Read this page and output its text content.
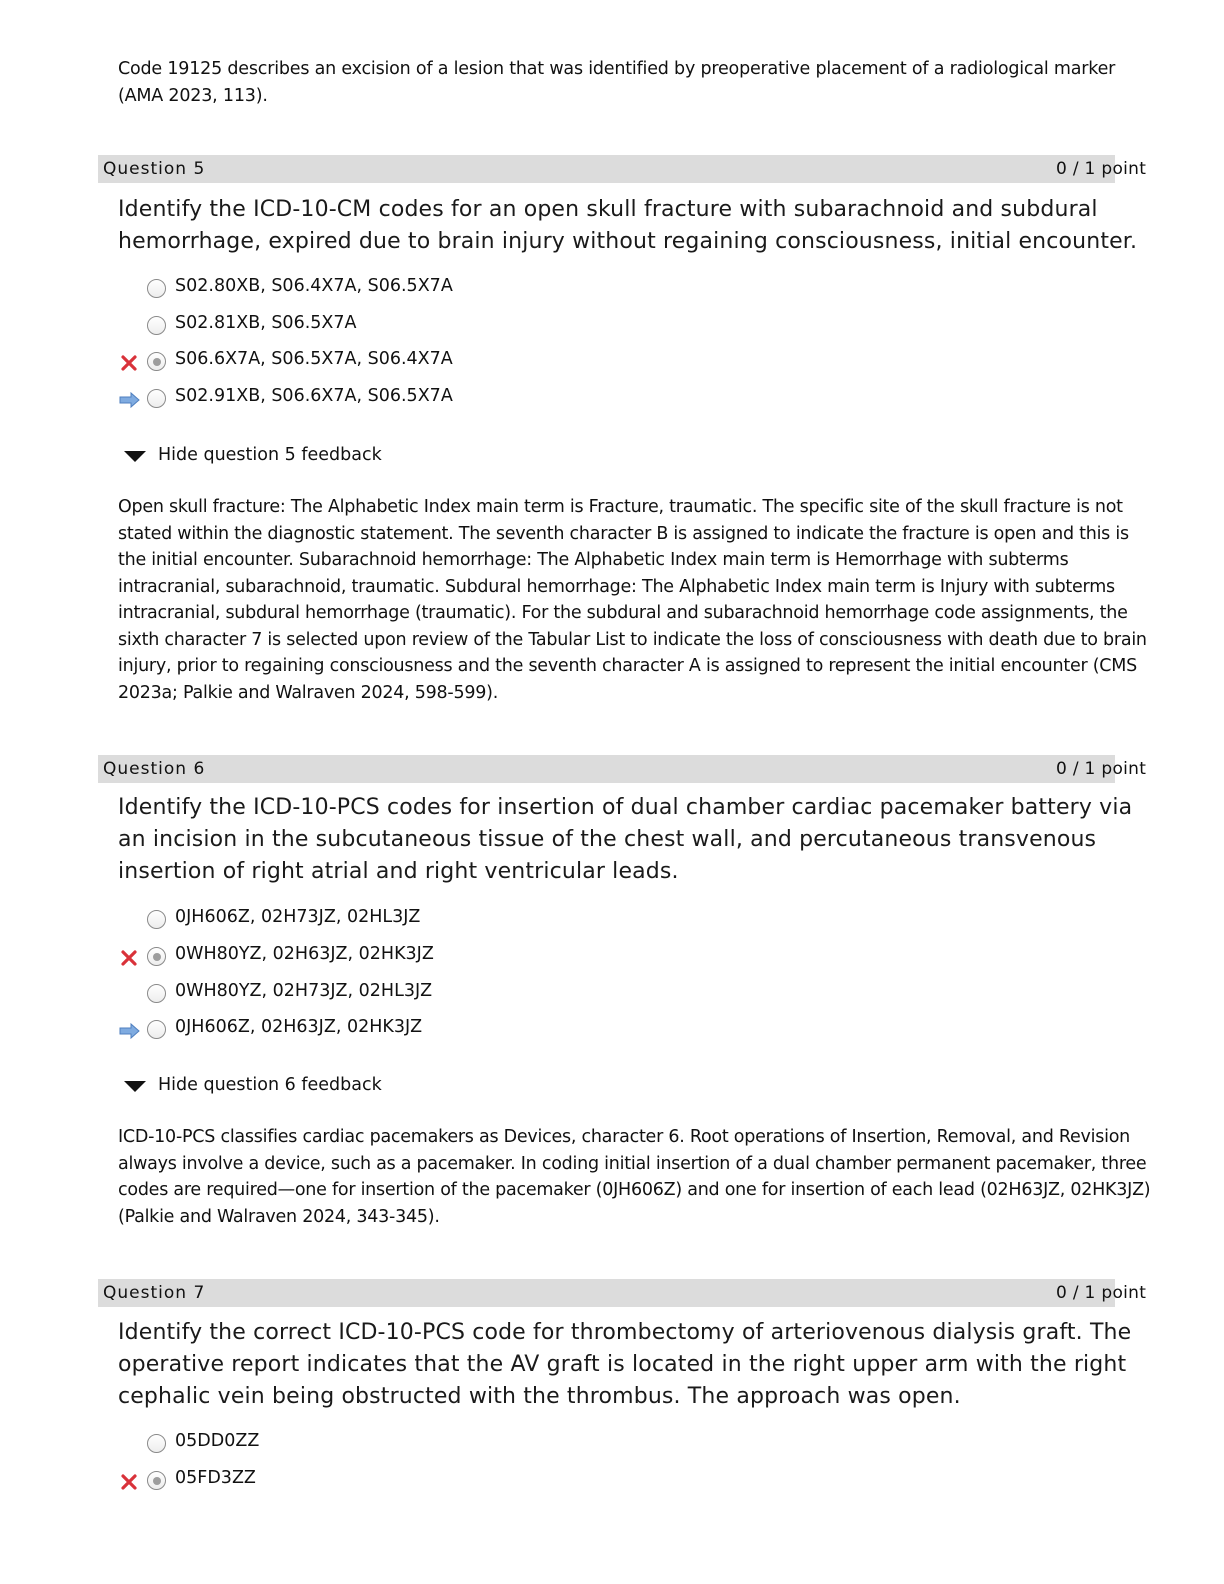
Code 19125 describes an excision of a lesion that was identified by preoperative placement of a radiological marker (AMA 2023, 113).
Question 5	0 / 1 point
Identify the ICD-10-CM codes for an open skull fracture with subarachnoid and subdural hemorrhage, expired due to brain injury without regaining consciousness, initial encounter.
S02.80XB, S06.4X7A, S06.5X7A
S02.81XB, S06.5X7A
S06.6X7A, S06.5X7A, S06.4X7A
S02.91XB, S06.6X7A, S06.5X7A
Hide question 5 feedback
Open skull fracture: The Alphabetic Index main term is Fracture, traumatic. The specific site of the skull fracture is not stated within the diagnostic statement. The seventh character B is assigned to indicate the fracture is open and this is the initial encounter. Subarachnoid hemorrhage: The Alphabetic Index main term is Hemorrhage with subterms intracranial, subarachnoid, traumatic. Subdural hemorrhage: The Alphabetic Index main term is Injury with subterms intracranial, subdural hemorrhage (traumatic). For the subdural and subarachnoid hemorrhage code assignments, the sixth character 7 is selected upon review of the Tabular List to indicate the loss of consciousness with death due to brain injury, prior to regaining consciousness and the seventh character A is assigned to represent the initial encounter (CMS 2023a; Palkie and Walraven 2024, 598-599).
Question 6	0 / 1 point
Identify the ICD-10-PCS codes for insertion of dual chamber cardiac pacemaker battery via an incision in the subcutaneous tissue of the chest wall, and percutaneous transvenous insertion of right atrial and right ventricular leads.
0JH606Z, 02H73JZ, 02HL3JZ
0WH80YZ, 02H63JZ, 02HK3JZ
0WH80YZ, 02H73JZ, 02HL3JZ
0JH606Z, 02H63JZ, 02HK3JZ
Hide question 6 feedback
ICD-10-PCS classifies cardiac pacemakers as Devices, character 6. Root operations of Insertion, Removal, and Revision always involve a device, such as a pacemaker. In coding initial insertion of a dual chamber permanent pacemaker, three codes are required—one for insertion of the pacemaker (0JH606Z) and one for insertion of each lead (02H63JZ, 02HK3JZ) (Palkie and Walraven 2024, 343-345).
Question 7	0 / 1 point
Identify the correct ICD-10-PCS code for thrombectomy of arteriovenous dialysis graft. The operative report indicates that the AV graft is located in the right upper arm with the right cephalic vein being obstructed with the thrombus. The approach was open.
05DD0ZZ
05FD3ZZ
